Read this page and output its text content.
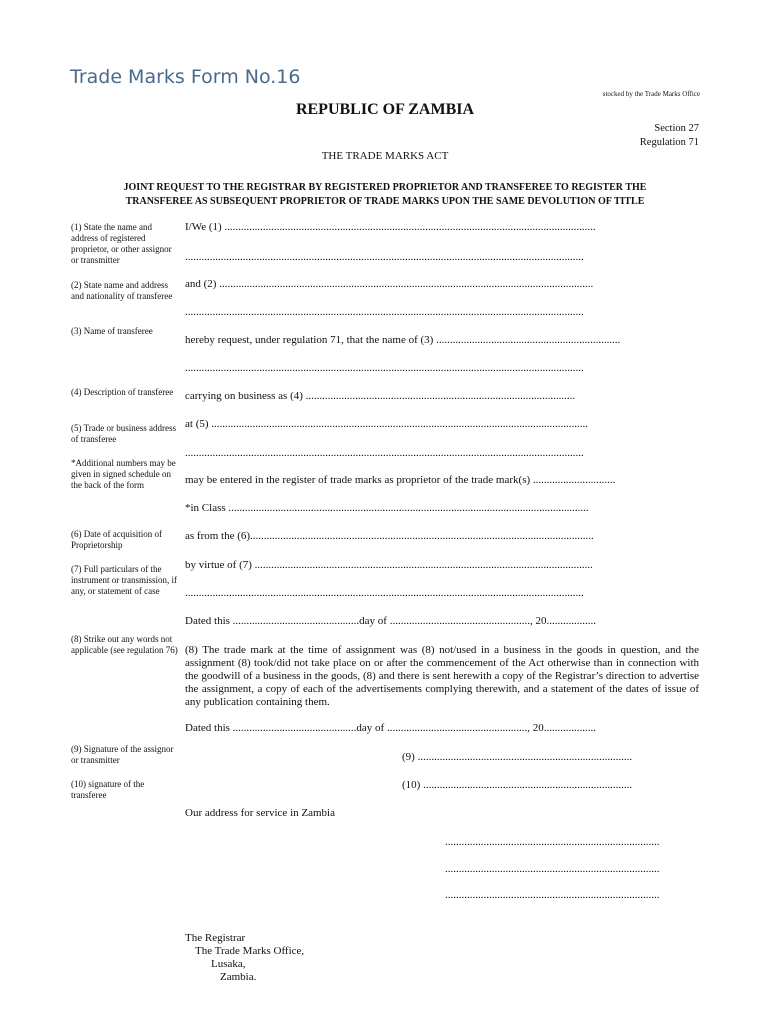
Trade Marks Form No.16
stocked by the Trade Marks Office
REPUBLIC OF ZAMBIA
Section 27
Regulation 71
THE TRADE MARKS ACT
JOINT REQUEST TO THE REGISTRAR BY REGISTERED PROPRIETOR AND TRANSFEREE TO REGISTER THE
TRANSFEREE AS SUBSEQUENT PROPRIETOR OF TRADE MARKS UPON THE SAME DEVOLUTION OF TITLE
(1) State the name and address of registered proprietor, or other assignor or transmitter
(2) State name and address and nationality of transferee
(3) Name of transferee
(4) Description of transferee
(5) Trade or business address of transferee
*Additional numbers may be given in signed schedule on the back of the form
(6) Date of acquisition of Proprietorship
(7) Full particulars of the instrument or transmission, if any, or statement of case
(8) Strike out any words not applicable (see regulation 76)
(9) Signature of the assignor or transmitter
(10) signature of the transferee
I/We (1) .......................................................................................................................................
.................................................................................................................................................
and (2) ........................................................................................................................................
.................................................................................................................................................
hereby request, under regulation 71, that the name of (3) ...................................................................
.................................................................................................................................................
carrying on business as (4) ..................................................................................................
at (5) .........................................................................................................................................
.................................................................................................................................................
may be entered in the register of trade marks as proprietor of the trade mark(s) ..............................
*in Class ...................................................................................................................................
as from the (6).............................................................................................................................
by virtue of (7) ...........................................................................................................................
.................................................................................................................................................
Dated this ..............................................day of ..................................................., 20..................
(8) The trade mark at the time of assignment was (8) not/used in a business in the goods in question, and the assignment (8) took/did not take place on or after the commencement of the Act otherwise than in connection with the goodwill of a business in the goods, (8) and there is sent herewith a copy of the Registrar’s direction to advertise the assignment, a copy of each of the advertisements complying therewith, and a statement of the dates of issue of any publication containing them.
Dated this .............................................day of ..................................................., 20...................
(9) ..............................................................................
(10) ............................................................................
Our address for service in Zambia
..............................................................................
..............................................................................
..............................................................................
The Registrar
The Trade Marks Office,
Lusaka,
Zambia.
